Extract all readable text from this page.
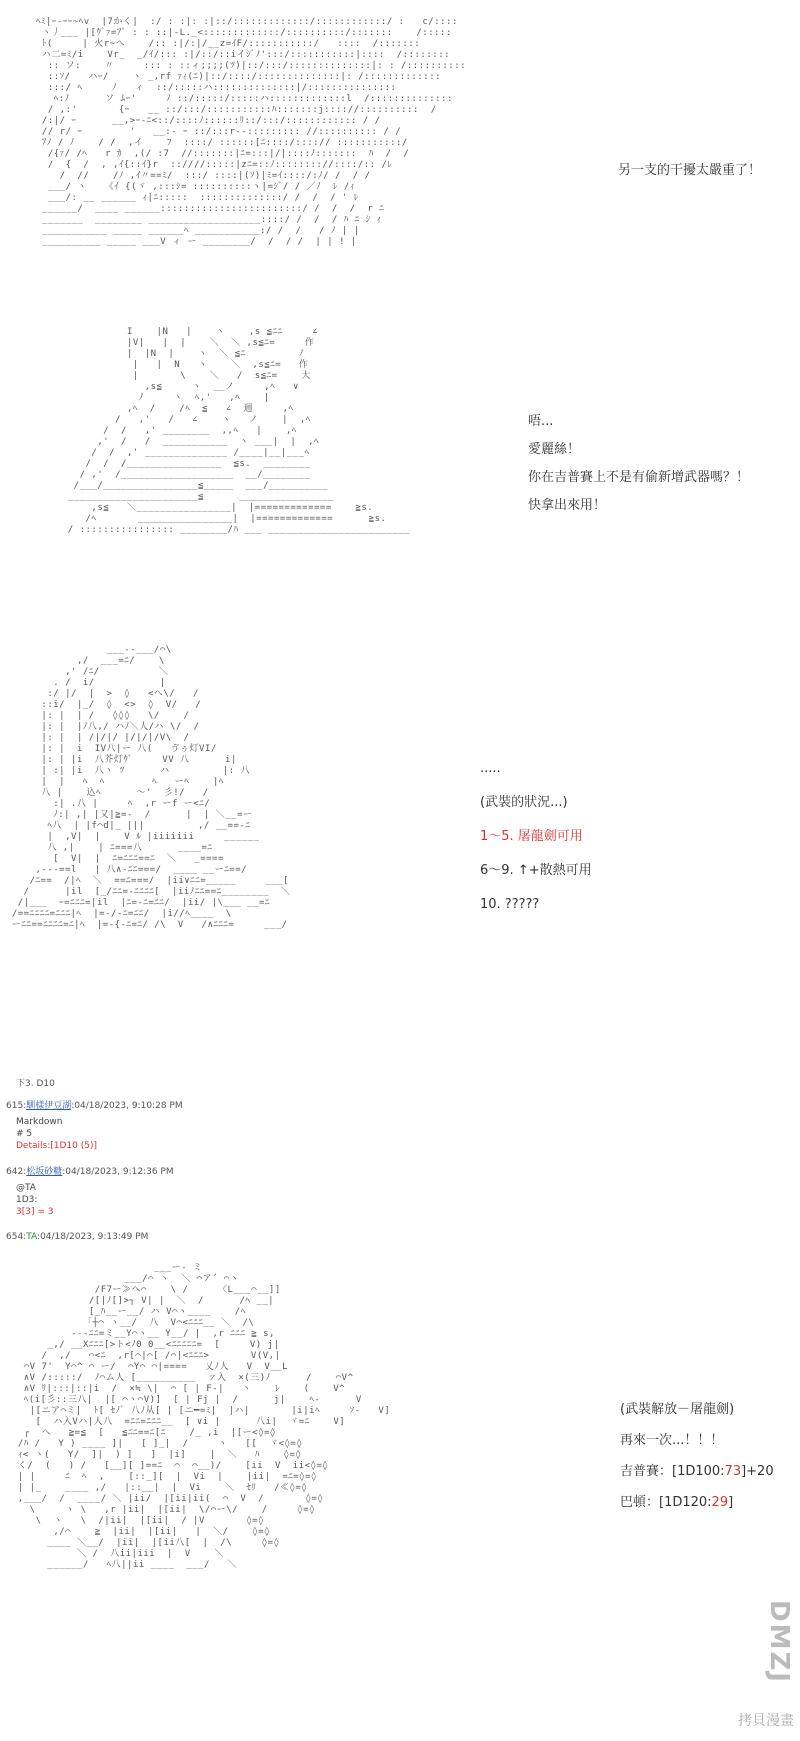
ﾍﾐ|ｰ-ｰｰ~ﾍv  |7かく|  :/ : :|: :|::/:::::::::::::/::::::::::::/ :   c/::::
ヽ丿___ |[ｳﾞｧ=ｱﾞ : : ::|-L._<:::::::::::::/::::::::::/:::::::    /:::::
ﾄ(     | 火r~へ    /:: :|/:|/__z=ｲF/:::::::::::/   ::::  /:::::::
ハ二=ﾐ/i    Vr_  _/ｲ/::: :|/::/::iイｼﾞﾉ':::/:::::::::::|::::  /::::::::
:: ソ:    〃     ::: : ::ィ;;;;(ﾂ)|::/:::/::::::::::::::|: : /::::::::::
::ｿ/   ハｰ/    ヽ _,rf ｧｨ(ﾆ)|::/::::/::::::::::::::|: /:::::::::::::
:::/ ﾍ     ﾉ   ィ  ::/:::::ハ::::::::::::::|/:::::::::::::::
ﾍ:ﾉ      ソ ﾑｰ'     ﾉ ::/:::::/:::::ハ:::::::::::::l  /::::::::::::::
/ ,:'       {ｰ   __ ::/:::/:::::::::::ﾊ:::::::j:::://::::::::::  /
/:|/ ｰ      __,>ｰ-ﾆ<::/::::ﾉ::::::ﾘ::/:::/:::::::::::: / /
// r/ ｰ        '   __:- ｰ ::/:::r--::::::::: //:::::::::: / /
ｱﾉ / ﾉ    / /  ,イ    ﾌ  ::::/ ::::::[ﾆ::::/::::// :::::::::::/
/{ｧ/ /ﾍ   r ｶ  ,(/ :7  //:::::::|ﾆ=:::|/|::::ﾉ:::::::  ﾊ  /  /
/  {  /  , ,ｲ{::ｲ}r  ::////:::::|zﾆ=::ﾉ:::::::://::::/:: /ﾚ
/  //    /ﾉ ,ｲ〃==ﾐ/  :::/ ::::|(ｿ)|ﾐ=ｲ::::/:ﾉ/ /  / /
___/ ヽ   《ｲ {(ヾ ,:::ｼ= ::::::::::ヽ|=ｼﾞ/ / ／ﾉ  ﾚ /ｨ
___/: __ ______ ｨ|ﾆ:::::  ::::::::::::::/ /  /  / ' ﾚ
______/  ____ ______::::::::::::::::::::::::/ /  /  /  r ﾆ
_______  ________ ___________________::::/ /  /  / ﾊ ﾆ ｼ ｨ
___________ _____ ______ﾍ ___________:/ /  /   / ﾉ | |
__________ _____ ___V ィ ー ________/  /  / /  | | ! |
另一支的干擾太嚴重了！
I    |N   |    ヽ    ,s ≦ﾆﾆ     ∠
|V|   |  |    ＼  ＼ ,s≦ﾆ=     作
|  |N  |    ヽ  ＼ ≦ﾆ         ﾉ
|   |  N   ヽ    ＼  ,s≦ﾆ=   作
|       \    ＼   /  s≦ﾆ=    大
,s≦     ヽ  __ノ     ,ﾍ   ∨
ﾉ     ヽ  ﾍ,'   ,ﾍ    |
,ﾍ  /    /ﾍ  ≦   ∠  週     ,ﾍ
/   ,'   /   ∠    ヽ   ノ    |  ,ﾍ
/  /   ,' ________  ,,ﾍ   |    ,ﾍ
,'  /   /  ___________  ヽ ___|  |  ,ﾍ
/  /  ,' ______________ /____|__|___ﾍ
/  /  /________________  ≦s.  ________
/ ,'  /___________________  __/________
/___/________________≦_____  ___/__________
______________________≦      ________________
,s≦   ＼________________|  |=============    ≧s.
/ﾍ       ________________|  |=============      ≧s.
/ :::::::::::::::: ________/ﾊ ___ ________________________
唔...
愛麗絲！
你在吉普賽上不是有偷新增武器嗎？！
快拿出來用！
___--___/⌒\
,/  ___=ﾆ/    \
,' /ﾆ/          ＼
. /  i/           |
:/ |/  |  >  ◊   <へ\/   /
::i/  |_/  ◊  <>  ◊  V/   /
|: |  | /   ◊◊◊   \/    /
|: |  |ﾉ八,/ ハﾉ＼人/ハ \/  /
|: |  | /|/|/ |/|/|/V\  /
|: |  i  IV八|ー 八(   ゔぅ灯VI/
|: | |i  八芥灯ｳﾞ     VV 八      i|
| :| |i  八ヽ ﾂ      ハ         |: 八
|  |   ﾍ  ﾍ        ﾍ   ーﾍ    |ﾍ
八 |    込ﾍ      ～'  彡!/   /
:| .八 |     ﾍ  ,r ーf ー<ﾆ/
ﾉ:| ,| |又|≧=-  /      |  | ＼__=ー
ﾍ八  | |f⌒d|_ |||         ,/ __==-ﾆ
|  ,V|  |    V ﾙ |iiiiiii     ______
八 ,|    | ﾆ===八      ____=ﾆ
[  V|  |  ﾆ=ﾆﾆﾆ==ﾆ  ＼   _====
,---==l   | 八∧-ﾆﾆ===/  ____ __ーﾆ==/
/ﾆ==  /|ﾍ  ＼  ==ﾆ===/  |ii∨ﾆﾆ=_____     ___[
/      |il  [_/ﾆﾆ=-ﾆﾆﾆﾆ[  |iiﾉﾆﾆ==ﾆ________  ＼
/|___  ｰ=ﾆﾆﾆ=|il  |ﾆ=-ﾆ=ﾆﾆ/  |ii/ |\___ __=ﾆ
/==ﾆﾆﾆﾆ=ﾆﾆﾆ|ﾍ  |=-/-ﾆ=ﾆﾆ/  |i//ﾍ____  \
ーﾆﾆ==ﾆﾆﾆﾆ=ﾆ|ﾍ  |=-{-ﾆ=ﾆ/ /\  V   /∧ﾆﾆﾆ=     ___/
.....
(武裝的狀況...)
1～5. 屠龍劍可用
6～9. ↑+散熱可用
10. ?????
下3. D10
615:馴樣伊豆湖:04/18/2023, 9:10:28 PM
Markdown
# 5
Details:[1D10 (5)]
642:松坂砂糖:04/18/2023, 9:12:36 PM
@TA
1D3:
3[3] = 3
654:TA:04/18/2023, 9:13:49 PM
___ー- ミ
___/⌒ ヽ  ＼ ⌒ア´ ⌒ヽ
/F7ー≫へ⌒    \ /     〈L___⌒__]]
/[|ﾉ[]>┐ V| |  ＼  /      /ﾍ __|
[_ﾊ__ー__/ ハ V⌒ヽ____    /ﾍ
「┼⌒ ヽ__/  八  V⌒<ﾆﾆﾆ__ ＼  /\
---ﾆﾆ=ミ__Y⌒ヽ__ Y__/ |  ,r ﾆﾆﾆ ≧ s,
_,/ __Xﾆﾆﾆ[>ト<ﾉ0 0__<ﾆﾆﾆﾆﾆ=  [     V) j|
/  ,/   ⌒<ﾆ  ,r[⌒|⌒[ /⌒|<ﾆﾆﾆ>       V(V,|
⌒V 7'  Y⌒^ ⌒ ー/  ⌒Y⌒ ⌒|====   乂ﾉ人   V  V__L
∧V /:::::/  ﾉ⌒ム人 [__________  ァ入  ×(三)ﾉ      /    ⌒V^
∧V ﾘ|:::|::|i  /  ×≒ \|  ⌒ [ | F-|   ヽ    ﾚ    (    V^
ﾍ(i[彡::三八|  |[ ⌒ヽ⌒V)]  [ | Fj |  /      j|    ﾍ-      V
|[ニア⌒ミ|  ﾄ[ ｾﾉﾞ 八ﾉ从[ | [ニ━=ﾐ|  |ハ|       |i|iﾍ     ｿ-   V]
[  ハ入Vハ|人八  =ﾆﾆ=ﾆﾆﾆ__  [ ∨i |      八i|  ヾ=ﾆ    V]
┌  へ   ≧=≦  [   ≦ﾆﾆ==ﾆ[ﾆ    /_ ,i  |[ー<◊=◊
/ﾊ /   Y ) ____ ]|   [ ]_|  /     ヽ   [[  ヾ<◊=◊
ｨ< ヽ(   Y/  ]|  ) ]   ]  |i]    |  ＼   ﾊ    ◊=◊
く/  (   ) /   [__][ ]==ﾆ  ⌒  ⌒__)/    [ii  V  ii<◊=◊
| |     ﾆ  ﾍ  ,    [::_][  |  Vi  |    |ii|  =ﾆ=◊=◊
| |_    ____ ,/   |::__|  |  Vi    ＼  ｾﾘ   /≪◊=◊
,___/  /  ____/ ＼ |ii/  |[ii|ii(  ⌒  V  /       ◊=◊
\     ヽ \   ,r |ii|  |[ii|  \/⌒ー\/    /     ◊=◊
\  ヽ   \  /|ii|  |[ii|  / |V       ◊=◊
,/⌒    ≧  |ii|  |[ii|   |  ＼/    ◊=◊
____ ＼__/  |ii|  |[ii八[  |  /\     ◊=◊
＼ /  八ii|iii  |  V    ＼
______/   ﾍ八||ii ____  ___/   ＼
(武裝解放－屠龍劍)
再來一次...！！！
吉普賽：[1D100:73]+20
巴頓：[1D120:29]
DMZJ
拷貝漫畫
